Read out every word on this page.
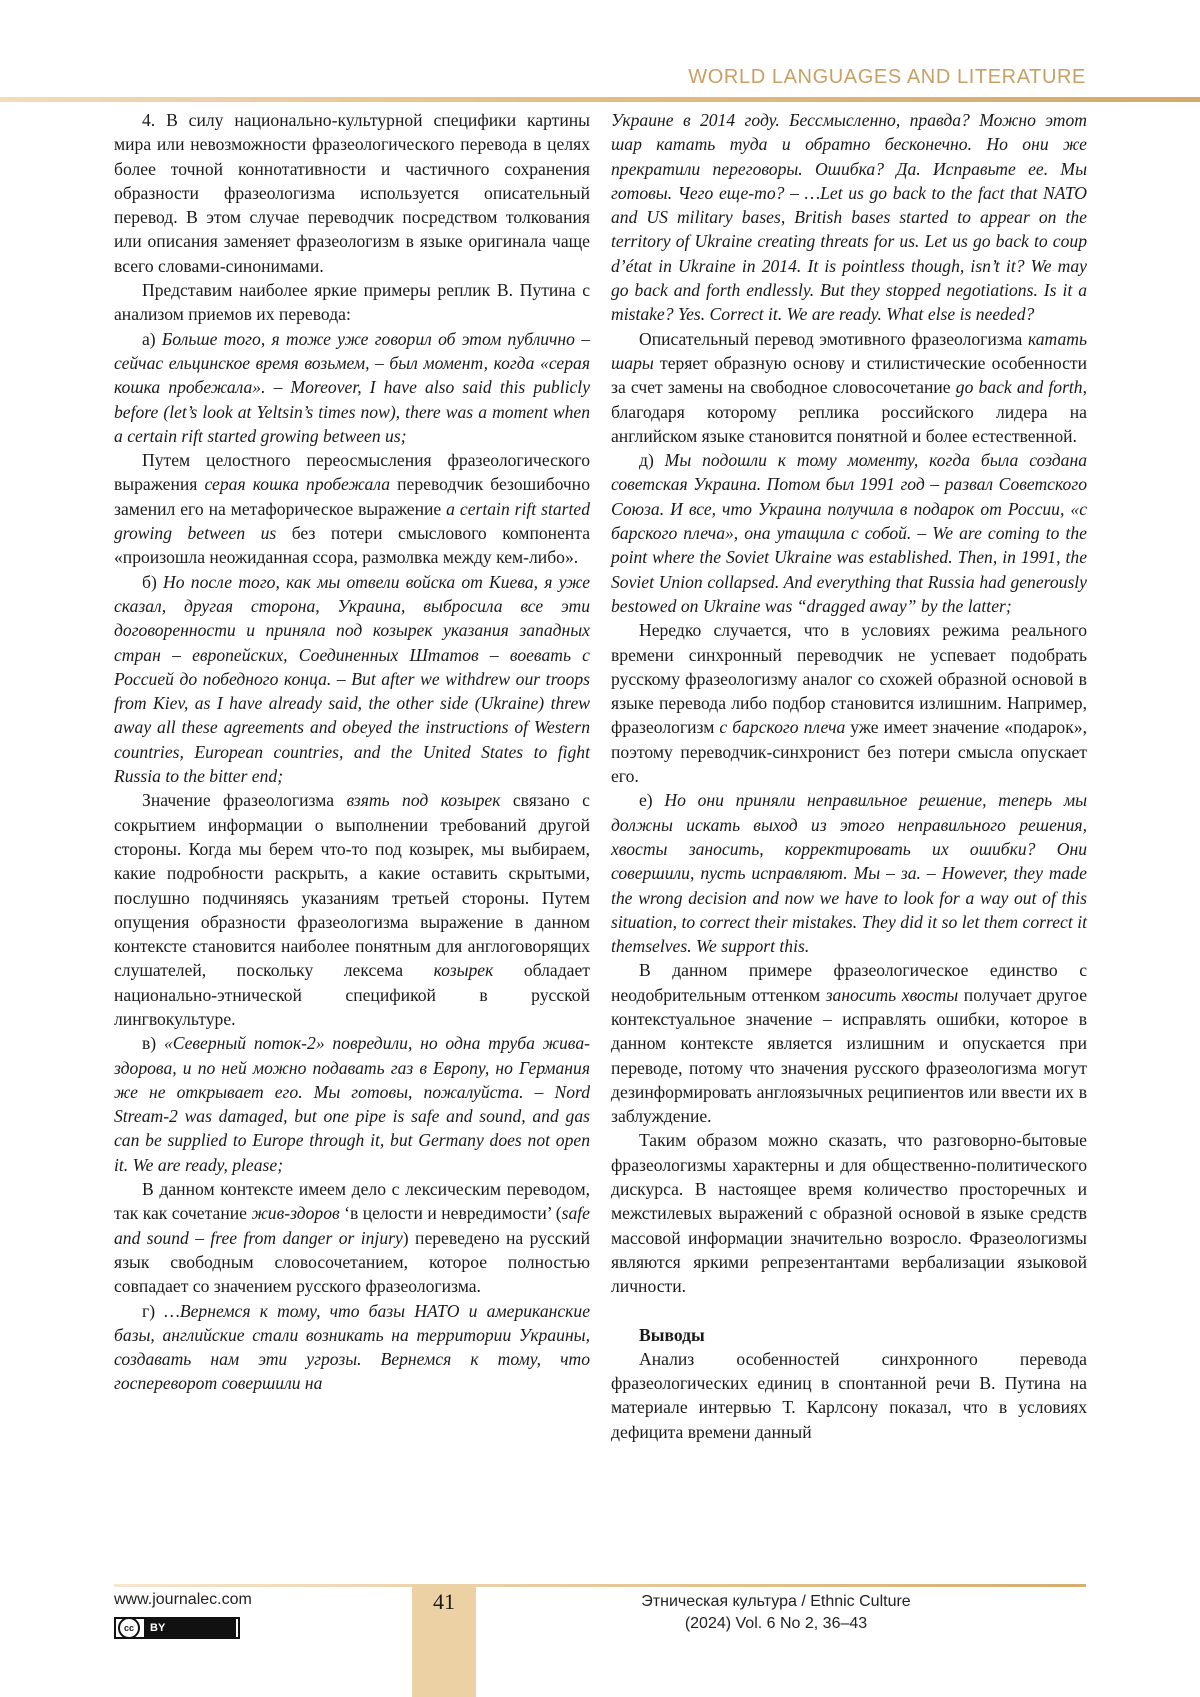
WORLD LANGUAGES AND LITERATURE

4. В силу национально-культурной специфики картины мира или невозможности фразеологического перевода в целях более точной коннотативности и частичного сохранения образности фразеологизма используется описательный перевод. В этом случае переводчик посредством толкования или описания заменяет фразеологизм в языке оригинала чаще всего словами-синонимами.

Представим наиболее яркие примеры реплик В. Путина с анализом приемов их перевода:

а) Больше того, я тоже уже говорил об этом публично – сейчас ельцинское время возьмем, – был момент, когда «серая кошка пробежала». – Moreover, I have also said this publicly before (let’s look at Yeltsin’s times now), there was a moment when a certain rift started growing between us;

Путем целостного переосмысления фразеологического выражения серая кошка пробежала переводчик безошибочно заменил его на метафорическое выражение a certain rift started growing between us без потери смыслового компонента «произошла неожиданная ссора, размолвка между кем-либо».

б) Но после того, как мы отвели войска от Киева, я уже сказал, другая сторона, Украина, выбросила все эти договоренности и приняла под козырек указания западных стран – европейских, Соединенных Штатов – воевать с Россией до победного конца. – But after we withdrew our troops from Kiev, as I have already said, the other side (Ukraine) threw away all these agreements and obeyed the instructions of Western countries, European countries, and the United States to fight Russia to the bitter end;

Значение фразеологизма взять под козырек связано с сокрытием информации о выполнении требований другой стороны. Когда мы берем что-то под козырек, мы выбираем, какие подробности раскрыть, а какие оставить скрытыми, послушно подчиняясь указаниям третьей стороны. Путем опущения образности фразеологизма выражение в данном контексте становится наиболее понятным для англоговорящих слушателей, поскольку лексема козырек обладает национально-этнической спецификой в русской лингвокультуре.

в) «Северный поток-2» повредили, но одна труба жива-здорова, и по ней можно подавать газ в Европу, но Германия же не открывает его. Мы готовы, пожалуйста. – Nord Stream-2 was damaged, but one pipe is safe and sound, and gas can be supplied to Europe through it, but Germany does not open it. We are ready, please;

В данном контексте имеем дело с лексическим переводом, так как сочетание жив-здоров ‘в целости и невредимости’ (safe and sound – free from danger or injury) переведено на русский язык свободным словосочетанием, которое полностью совпадает со значением русского фразеологизма.

г) …Вернемся к тому, что базы НАТО и американские базы, английские стали возникать на территории Украины, создавать нам эти угрозы. Вернемся к тому, что госпереворот совершили на

Украине в 2014 году. Бессмысленно, правда? Можно этот шар катать туда и обратно бесконечно. Но они же прекратили переговоры. Ошибка? Да. Исправьте ее. Мы готовы. Чего еще-то? – …Let us go back to the fact that NATO and US military bases, British bases started to appear on the territory of Ukraine creating threats for us. Let us go back to coup d’état in Ukraine in 2014. It is pointless though, isn’t it? We may go back and forth endlessly. But they stopped negotiations. Is it a mistake? Yes. Correct it. We are ready. What else is needed?

Описательный перевод эмотивного фразеологизма катать шары теряет образную основу и стилистические особенности за счет замены на свободное словосочетание go back and forth, благодаря которому реплика российского лидера на английском языке становится понятной и более естественной.

д) Мы подошли к тому моменту, когда была создана советская Украина. Потом был 1991 год – развал Советского Союза. И все, что Украина получила в подарок от России, «с барского плеча», она утащила с собой. – We are coming to the point where the Soviet Ukraine was established. Then, in 1991, the Soviet Union collapsed. And everything that Russia had generously bestowed on Ukraine was “dragged away” by the latter;

Нередко случается, что в условиях режима реального времени синхронный переводчик не успевает подобрать русскому фразеологизму аналог со схожей образной основой в языке перевода либо подбор становится излишним. Например, фразеологизм с барского плеча уже имеет значение «подарок», поэтому переводчик-синхронист без потери смысла опускает его.

е) Но они приняли неправильное решение, теперь мы должны искать выход из этого неправильного решения, хвосты заносить, корректировать их ошибки? Они совершили, пусть исправляют. Мы – за. – However, they made the wrong decision and now we have to look for a way out of this situation, to correct their mistakes. They did it so let them correct it themselves. We support this.

В данном примере фразеологическое единство с неодобрительным оттенком заносить хвосты получает другое контекстуальное значение – исправлять ошибки, которое в данном контексте является излишним и опускается при переводе, потому что значения русского фразеологизма могут дезинформировать англоязычных реципиентов или ввести их в заблуждение.

Таким образом можно сказать, что разговорно-бытовые фразеологизмы характерны и для общественно-политического дискурса. В настоящее время количество просторечных и межстилевых выражений с образной основой в языке средств массовой информации значительно возросло. Фразеологизмы являются яркими репрезентантами вербализации языковой личности.

Выводы

Анализ особенностей синхронного перевода фразеологических единиц в спонтанной речи В. Путина на материале интервью Т. Карлсону показал, что в условиях дефицита времени данный

41
www.journalec.com
cc	BY
Этническая культура / Ethnic Culture
(2024) Vol. 6 No 2, 36–43
